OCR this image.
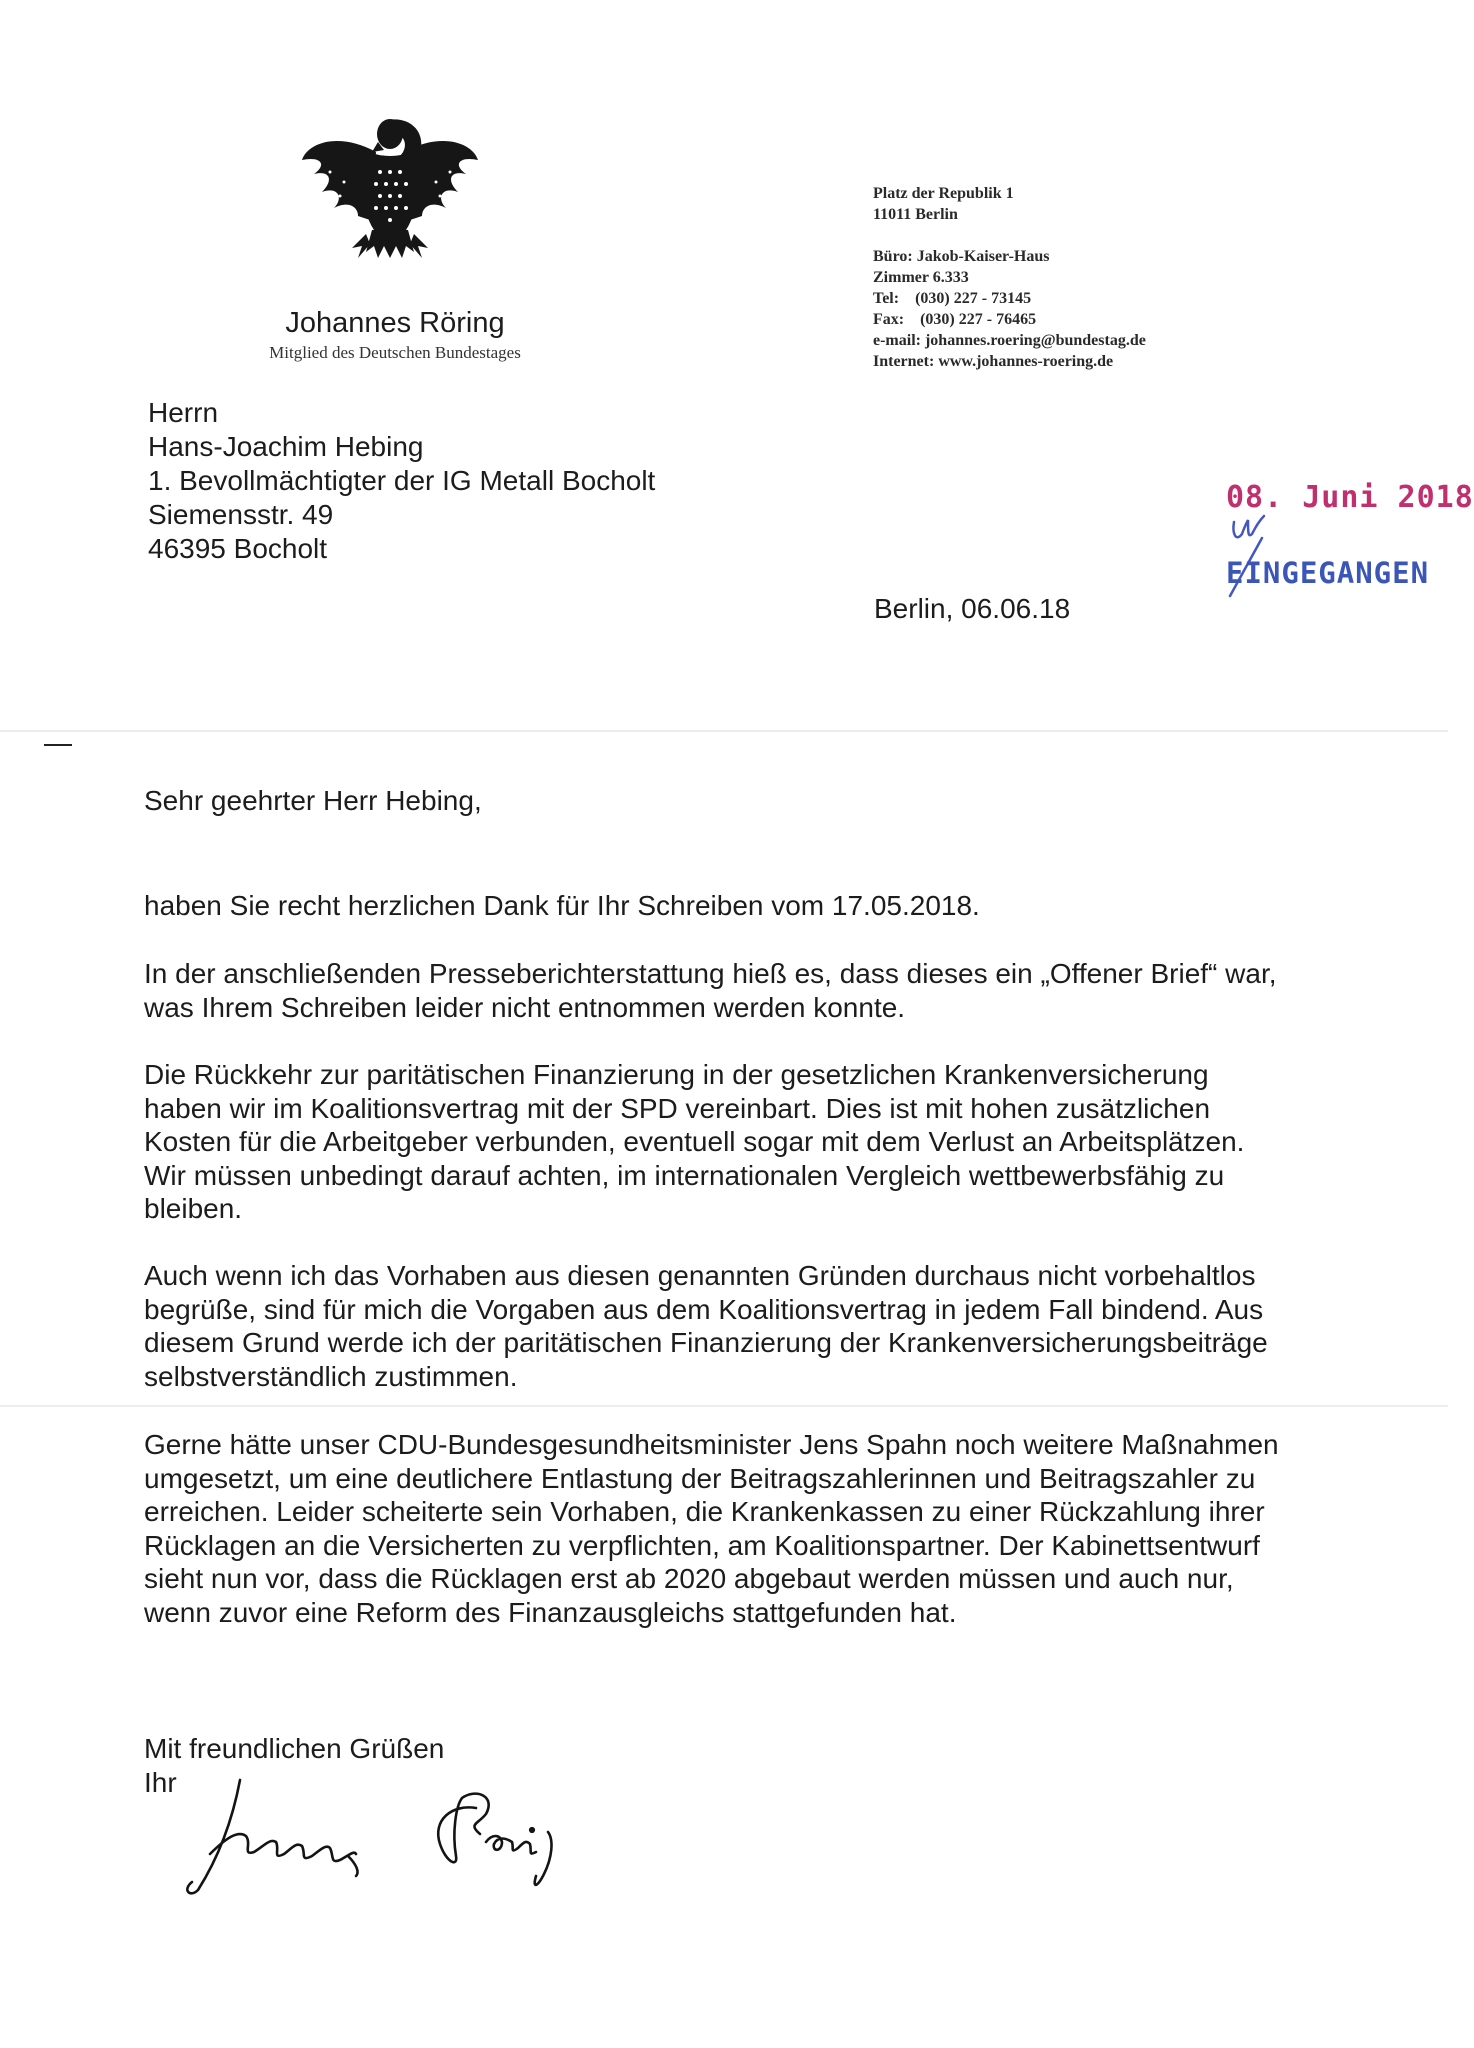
Johannes Röring
Mitglied des Deutschen Bundestages
Platz der Republik 1
11011 Berlin
Büro: Jakob-Kaiser-Haus
Zimmer 6.333
Tel:    (030) 227 - 73145
Fax:    (030) 227 - 76465
e-mail: johannes.roering@bundestag.de
Internet: www.johannes-roering.de
Herrn
Hans-Joachim Hebing
1. Bevollmächtigter der IG Metall Bocholt
Siemensstr. 49
46395 Bocholt
08. Juni 2018
EINGEGANGEN
Berlin, 06.06.18
Sehr geehrter Herr Hebing,
haben Sie recht herzlichen Dank für Ihr Schreiben vom 17.05.2018.
In der anschließenden Presseberichterstattung hieß es, dass dieses ein „Offener Brief“ war, was Ihrem Schreiben leider nicht entnommen werden konnte.
Die Rückkehr zur paritätischen Finanzierung in der gesetzlichen Krankenversicherung haben wir im Koalitionsvertrag mit der SPD vereinbart. Dies ist mit hohen zusätzlichen Kosten für die Arbeitgeber verbunden, eventuell sogar mit dem Verlust an Arbeitsplätzen. Wir müssen unbedingt darauf achten, im internationalen Vergleich wettbewerbsfähig zu bleiben.
Auch wenn ich das Vorhaben aus diesen genannten Gründen durchaus nicht vorbehaltlos begrüße, sind für mich die Vorgaben aus dem Koalitionsvertrag in jedem Fall bindend. Aus diesem Grund werde ich der paritätischen Finanzierung der Krankenversicherungsbeiträge selbstverständlich zustimmen.
Gerne hätte unser CDU-Bundesgesundheitsminister Jens Spahn noch weitere Maßnahmen umgesetzt, um eine deutlichere Entlastung der Beitragszahlerinnen und Beitragszahler zu erreichen. Leider scheiterte sein Vorhaben, die Krankenkassen zu einer Rückzahlung ihrer Rücklagen an die Versicherten zu verpflichten, am Koalitionspartner. Der Kabinettsentwurf sieht nun vor, dass die Rücklagen erst ab 2020 abgebaut werden müssen und auch nur, wenn zuvor eine Reform des Finanzausgleichs stattgefunden hat.
Mit freundlichen Grüßen
Ihr
